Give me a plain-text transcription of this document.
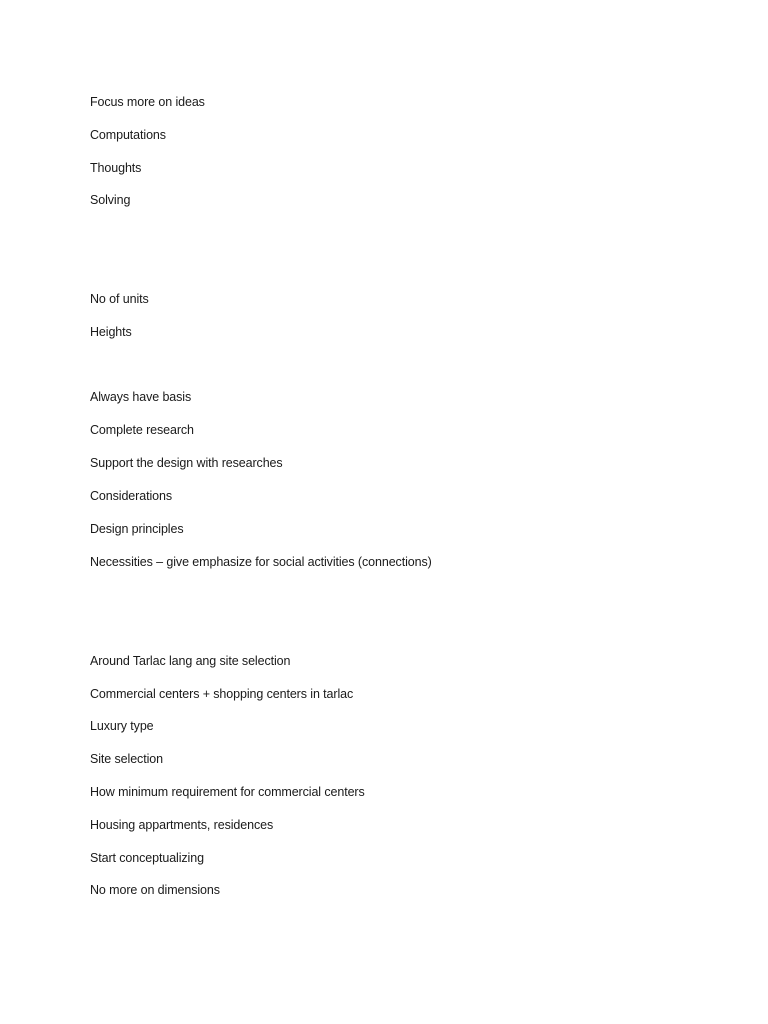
Focus more on ideas
Computations
Thoughts
Solving
No of units
Heights
Always have basis
Complete research
Support the design with researches
Considerations
Design principles
Necessities – give emphasize for social activities (connections)
Around Tarlac lang ang site selection
Commercial centers + shopping centers in tarlac
Luxury type
Site selection
How minimum requirement for commercial centers
Housing appartments, residences
Start conceptualizing
No more on dimensions
